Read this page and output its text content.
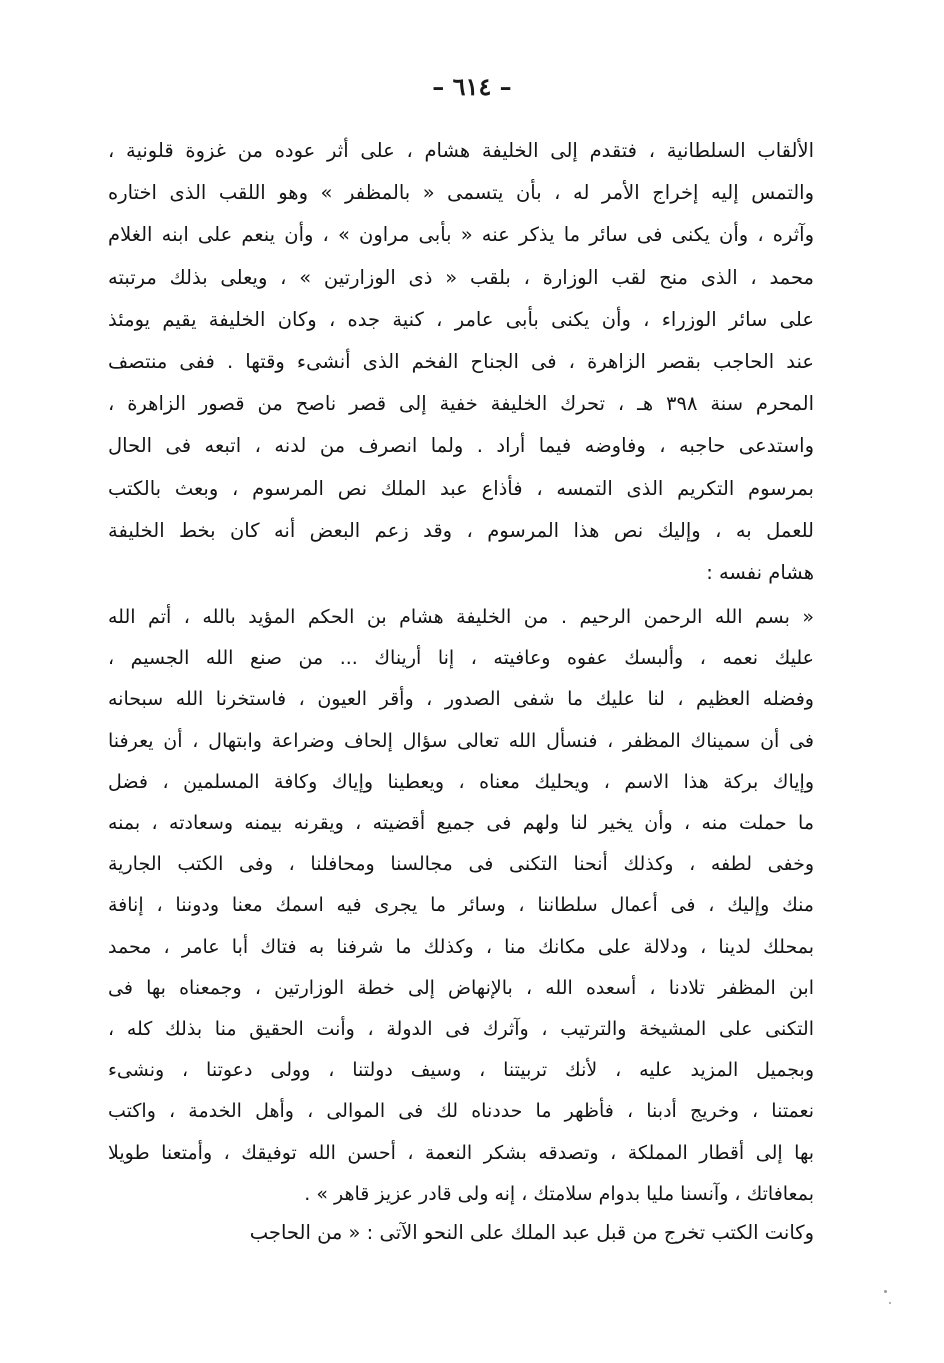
– ٦١٤ –
الألقاب السلطانية ، فتقدم إلى الخليفة هشام ، على أثر عوده من غزوة قلونية ،
والتمس إليه إخراج الأمر له ، بأن يتسمى « بالمظفر » وهو اللقب الذى اختاره
وآثره ، وأن يكنى فى سائر ما يذكر عنه « بأبى مراون » ، وأن ينعم على ابنه الغلام
محمد ، الذى منح لقب الوزارة ، بلقب « ذى الوزارتين » ، ويعلى بذلك مرتبته
على سائر الوزراء ، وأن يكنى بأبى عامر ، كنية جده ، وكان الخليفة يقيم يومئذ
عند الحاجب بقصر الزاهرة ، فى الجناح الفخم الذى أنشىء وقتها . ففى منتصف
المحرم سنة ٣٩٨ هـ ، تحرك الخليفة خفية إلى قصر ناصح من قصور الزاهرة ،
واستدعى حاجبه ، وفاوضه فيما أراد . ولما انصرف من لدنه ، اتبعه فى الحال
بمرسوم التكريم الذى التمسه ، فأذاع عبد الملك نص المرسوم ، وبعث بالكتب
للعمل به ، وإليك نص هذا المرسوم ، وقد زعم البعض أنه كان بخط الخليفة
هشام نفسه :
« بسم الله الرحمن الرحيم . من الخليفة هشام بن الحكم المؤيد بالله ، أتم الله
عليك نعمه ، وألبسك عفوه وعافيته ، إنا أريناك ... من صنع الله الجسيم ،
وفضله العظيم ، لنا عليك ما شفى الصدور ، وأقر العيون ، فاستخرنا الله سبحانه
فى أن سميناك المظفر ، فنسأل الله تعالى سؤال إلحاف وضراعة وابتهال ، أن يعرفنا
وإياك بركة هذا الاسم ، ويحليك معناه ، ويعطينا وإياك وكافة المسلمين ، فضل
ما حملت منه ، وأن يخير لنا ولهم فى جميع أقضيته ، ويقرنه بيمنه وسعادته ، بمنه
وخفى لطفه ، وكذلك أنحنا التكنى فى مجالسنا ومحافلنا ، وفى الكتب الجارية
منك وإليك ، فى أعمال سلطاننا ، وسائر ما يجرى فيه اسمك معنا ودوننا ، إنافة
بمحلك لدينا ، ودلالة على مكانك منا ، وكذلك ما شرفنا به فتاك أبا عامر ، محمد
ابن المظفر تلادنا ، أسعده الله ، بالإنهاض إلى خطة الوزارتين ، وجمعناه بها فى
التكنى على المشيخة والترتيب ، وآثرك فى الدولة ، وأنت الحقيق منا بذلك كله ،
وبجميل المزيد عليه ، لأنك تربيتنا ، وسيف دولتنا ، وولى دعوتنا ، ونشىء
نعمتنا ، وخريج أدبنا ، فأظهر ما حددناه لك فى الموالى ، وأهل الخدمة ، واكتب
بها إلى أقطار المملكة ، وتصدقه بشكر النعمة ، أحسن الله توفيقك ، وأمتعنا طويلا
بمعافاتك ، وآنسنا مليا بدوام سلامتك ، إنه ولى قادر عزيز قاهر » .
وكانت الكتب تخرج من قبل عبد الملك على النحو الآتى : « من الحاجب
